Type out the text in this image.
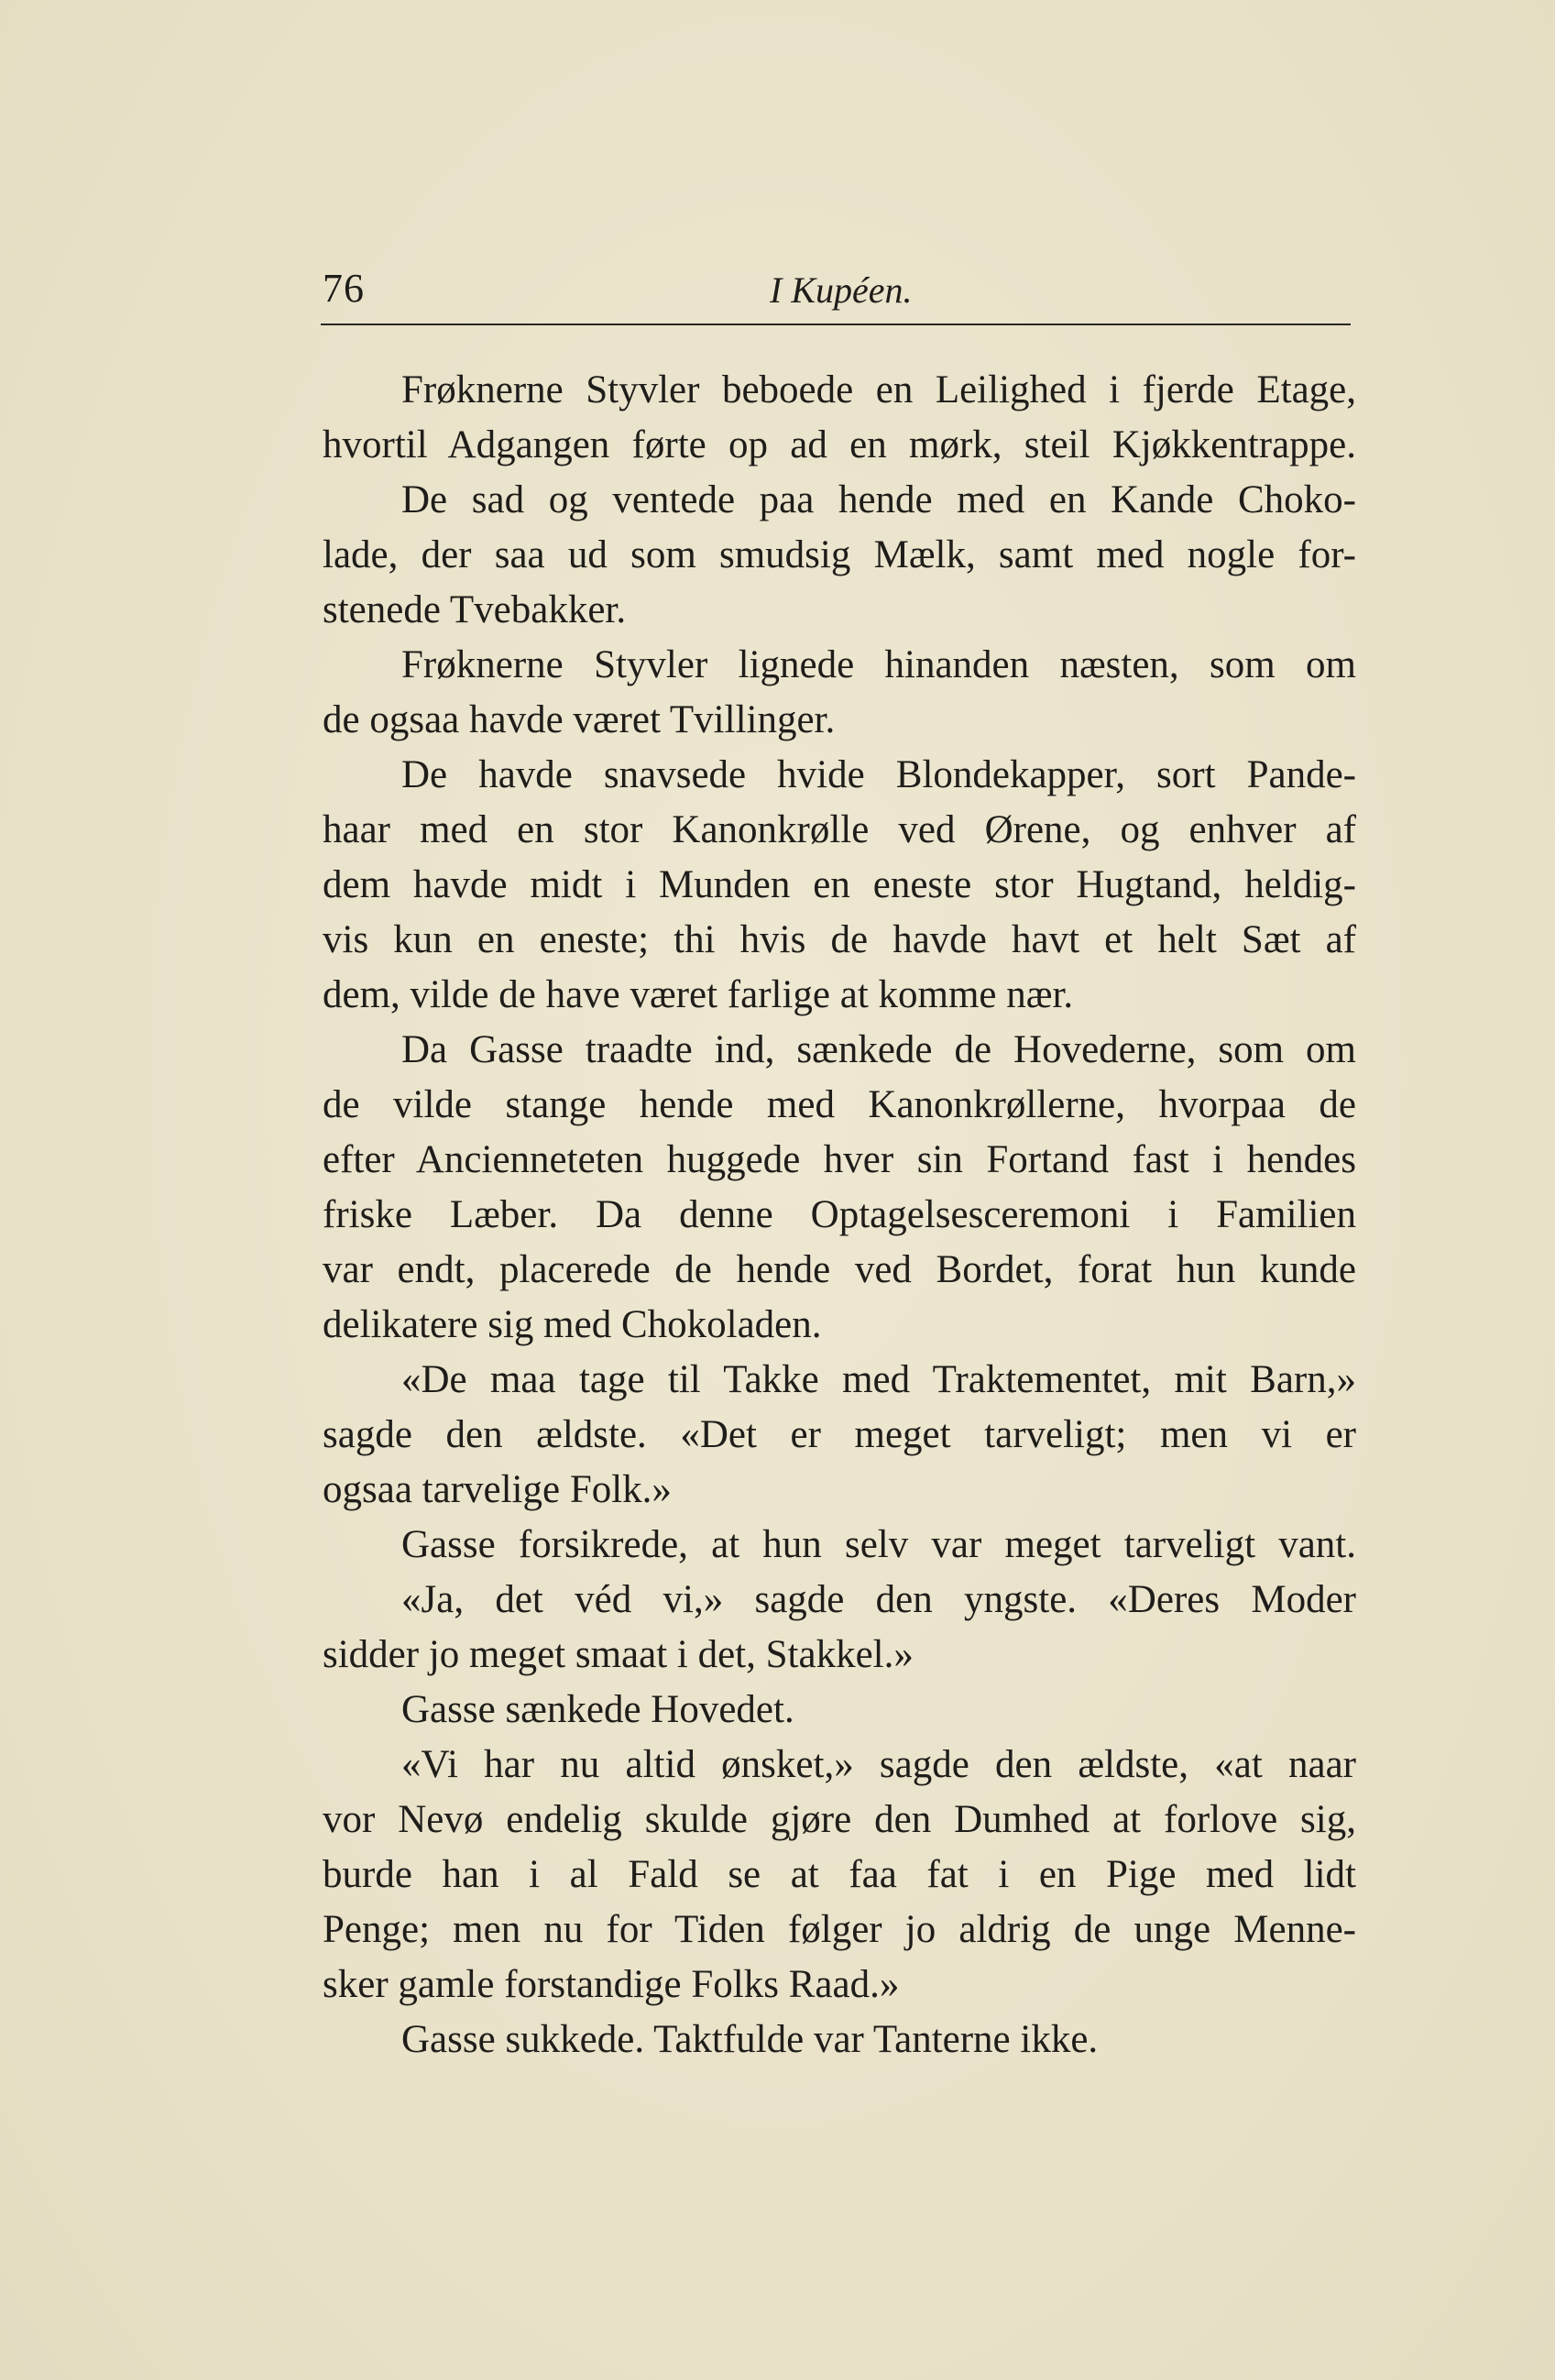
76	I Kupéen.
Frøknerne Styvler beboede en Leilighed i fjerde Etage,
hvortil Adgangen førte op ad en mørk, steil Kjøkkentrappe.
De sad og ventede paa hende med en Kande Choko-
lade, der saa ud som smudsig Mælk, samt med nogle for-
stenede Tvebakker.
Frøknerne Styvler lignede hinanden næsten, som om
de ogsaa havde været Tvillinger.
De havde snavsede hvide Blondekapper, sort Pande-
haar med en stor Kanonkrølle ved Ørene, og enhver af
dem havde midt i Munden en eneste stor Hugtand, heldig-
vis kun en eneste; thi hvis de havde havt et helt Sæt af
dem, vilde de have været farlige at komme nær.
Da Gasse traadte ind, sænkede de Hovederne, som om
de vilde stange hende med Kanonkrøllerne, hvorpaa de
efter Ancienneteten huggede hver sin Fortand fast i hendes
friske Læber. Da denne Optagelsesceremoni i Familien
var endt, placerede de hende ved Bordet, forat hun kunde
delikatere sig med Chokoladen.
«De maa tage til Takke med Traktementet, mit Barn,»
sagde den ældste. «Det er meget tarveligt; men vi er
ogsaa tarvelige Folk.»
Gasse forsikrede, at hun selv var meget tarveligt vant.
«Ja, det véd vi,» sagde den yngste. «Deres Moder
sidder jo meget smaat i det, Stakkel.»
Gasse sænkede Hovedet.
«Vi har nu altid ønsket,» sagde den ældste, «at naar
vor Nevø endelig skulde gjøre den Dumhed at forlove sig,
burde han i al Fald se at faa fat i en Pige med lidt
Penge; men nu for Tiden følger jo aldrig de unge Menne-
sker gamle forstandige Folks Raad.»
Gasse sukkede. Taktfulde var Tanterne ikke.
